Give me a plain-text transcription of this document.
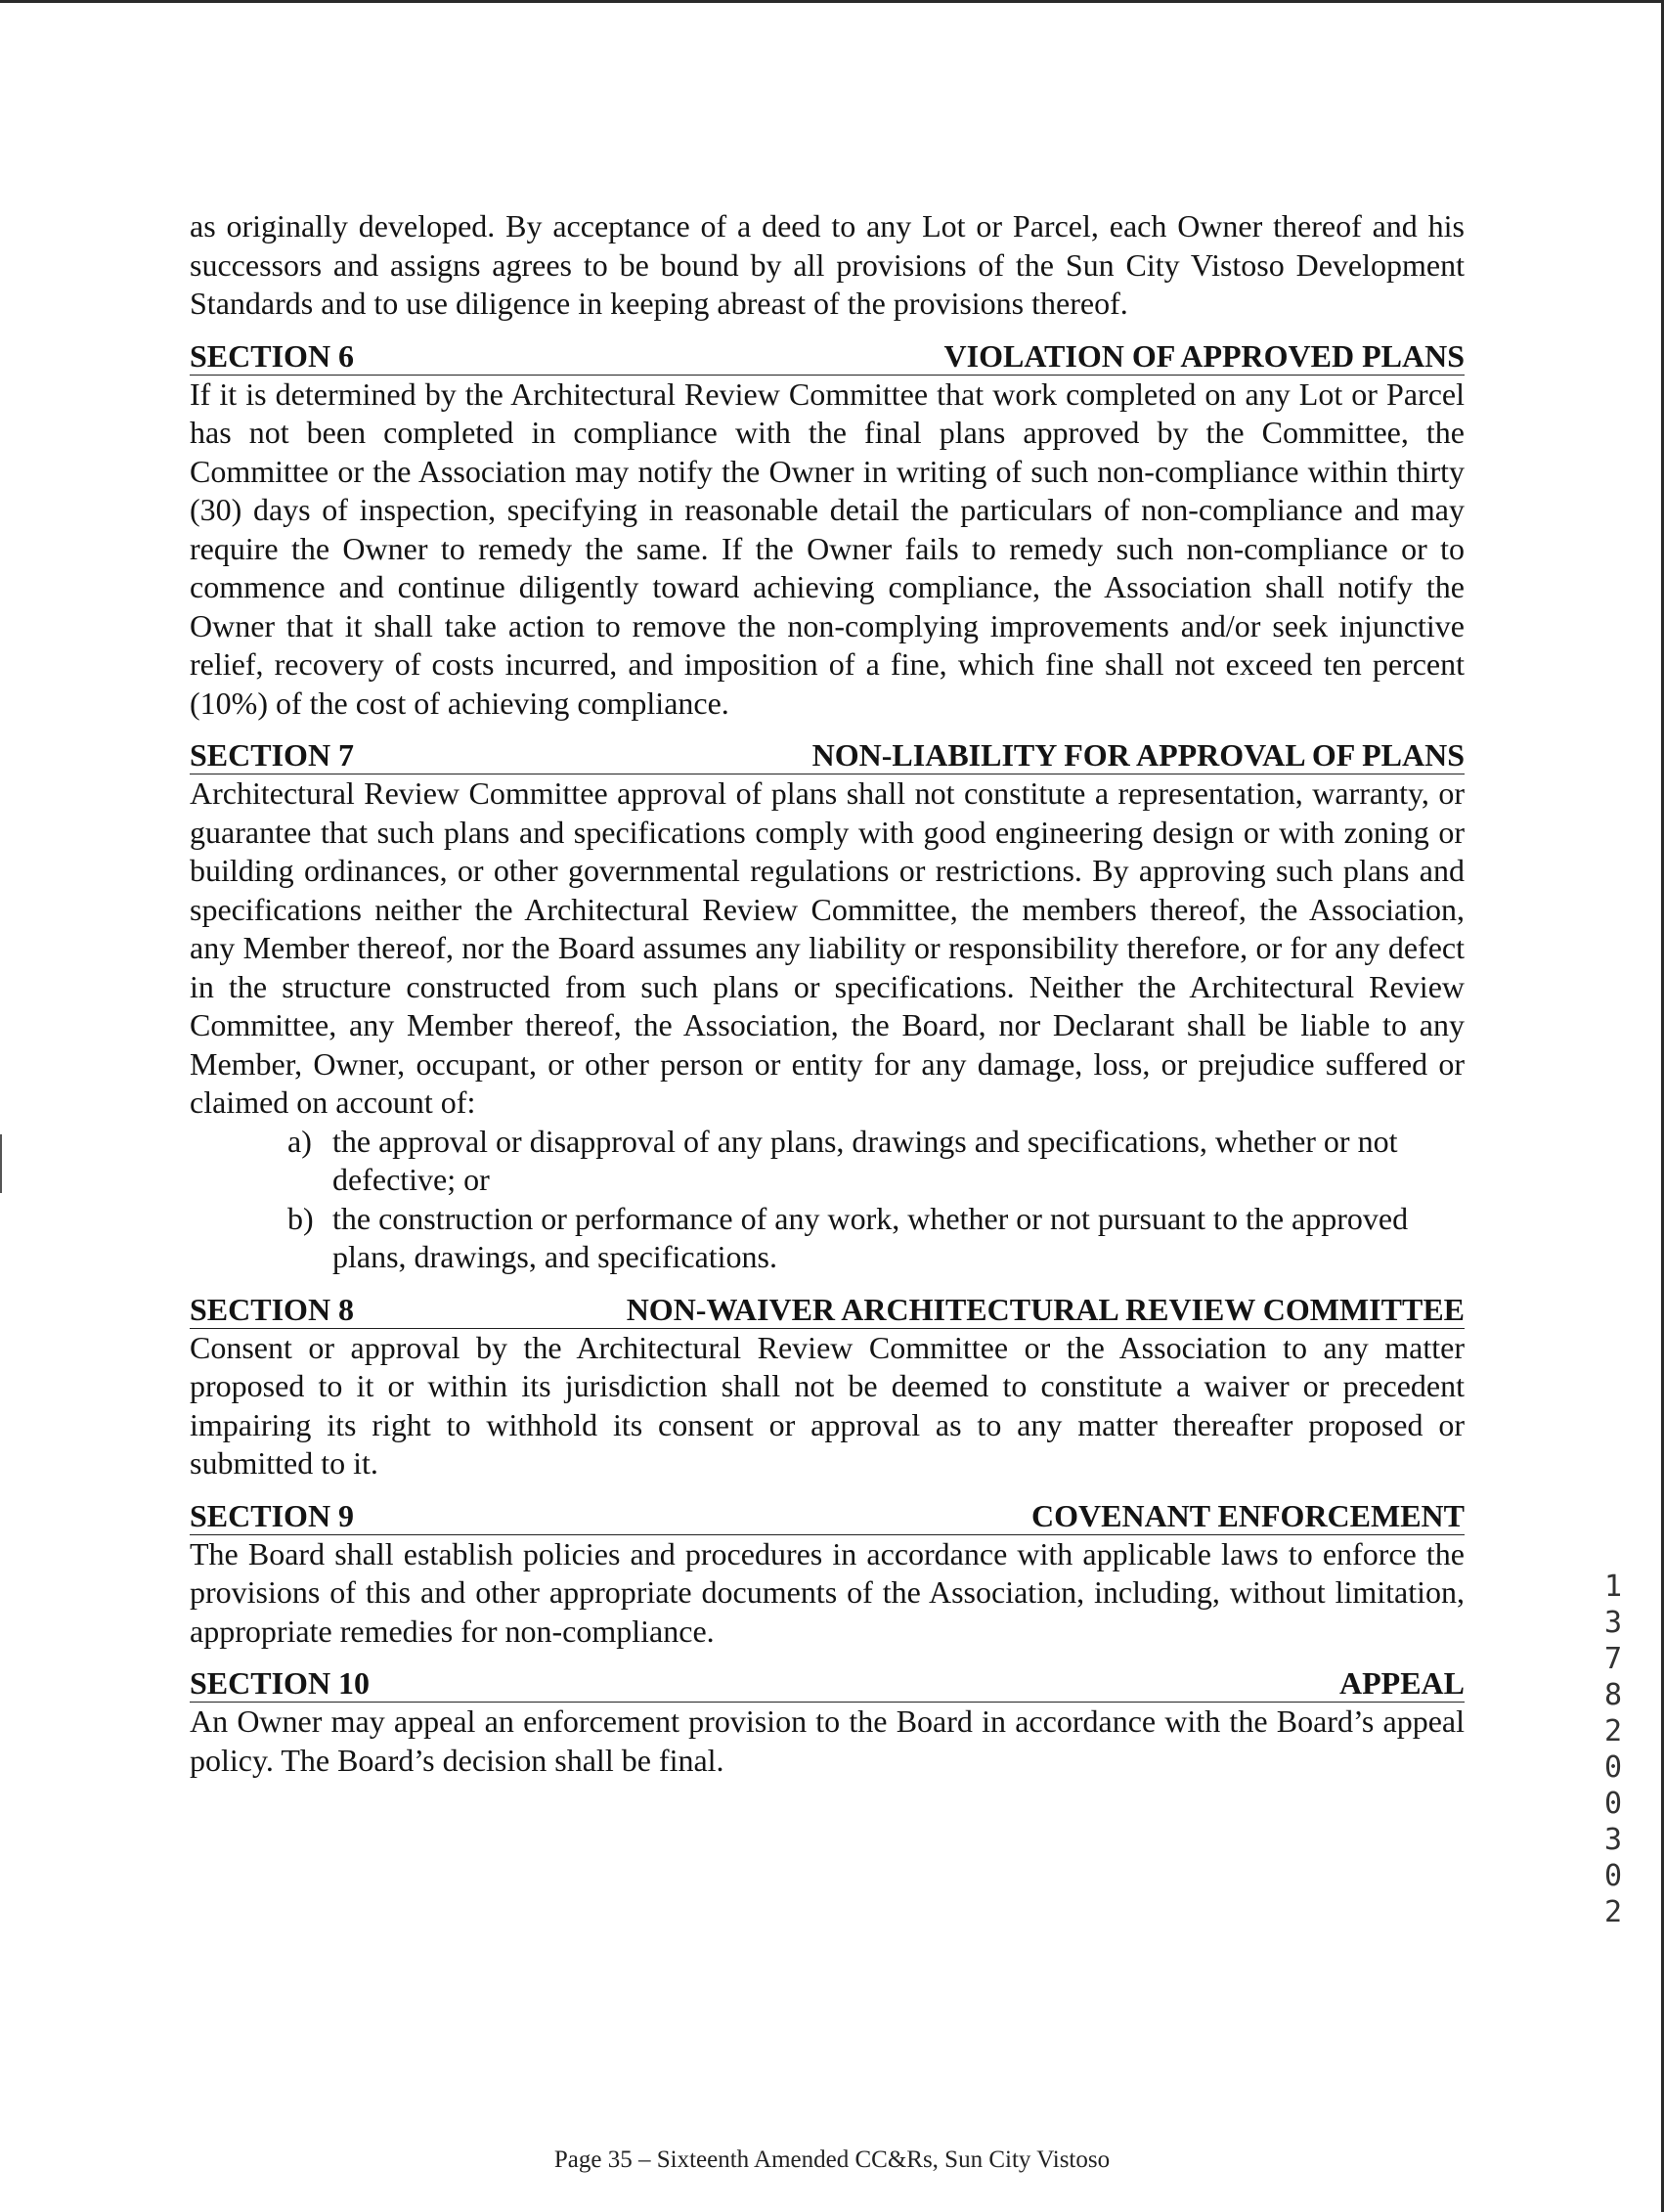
as originally developed. By acceptance of a deed to any Lot or Parcel, each Owner thereof and his successors and assigns agrees to be bound by all provisions of the Sun City Vistoso Development Standards and to use diligence in keeping abreast of the provisions thereof.

SECTION 6	VIOLATION OF APPROVED PLANS

If it is determined by the Architectural Review Committee that work completed on any Lot or Parcel has not been completed in compliance with the final plans approved by the Committee, the Committee or the Association may notify the Owner in writing of such non-compliance within thirty (30) days of inspection, specifying in reasonable detail the particulars of non-compliance and may require the Owner to remedy the same. If the Owner fails to remedy such non-compliance or to commence and continue diligently toward achieving compliance, the Association shall notify the Owner that it shall take action to remove the non-complying improvements and/or seek injunctive relief, recovery of costs incurred, and imposition of a fine, which fine shall not exceed ten percent (10%) of the cost of achieving compliance.

SECTION 7	NON-LIABILITY FOR APPROVAL OF PLANS

Architectural Review Committee approval of plans shall not constitute a representation, warranty, or guarantee that such plans and specifications comply with good engineering design or with zoning or building ordinances, or other governmental regulations or restrictions. By approving such plans and specifications neither the Architectural Review Committee, the members thereof, the Association, any Member thereof, nor the Board assumes any liability or responsibility therefore, or for any defect in the structure constructed from such plans or specifications. Neither the Architectural Review Committee, any Member thereof, the Association, the Board, nor Declarant shall be liable to any Member, Owner, occupant, or other person or entity for any damage, loss, or prejudice suffered or claimed on account of:

a) the approval or disapproval of any plans, drawings and specifications, whether or not defective; or
b) the construction or performance of any work, whether or not pursuant to the approved plans, drawings, and specifications.
SECTION 8	NON-WAIVER ARCHITECTURAL REVIEW COMMITTEE

Consent or approval by the Architectural Review Committee or the Association to any matter proposed to it or within its jurisdiction shall not be deemed to constitute a waiver or precedent impairing its right to withhold its consent or approval as to any matter thereafter proposed or submitted to it.

SECTION 9	COVENANT ENFORCEMENT

The Board shall establish policies and procedures in accordance with applicable laws to enforce the provisions of this and other appropriate documents of the Association, including, without limitation, appropriate remedies for non-compliance.

SECTION 10	APPEAL

An Owner may appeal an enforcement provision to the Board in accordance with the Board’s appeal policy. The Board’s decision shall be final.

1
3
7
8
2
0
0
3
0
2
Page 35 – Sixteenth Amended CC&Rs, Sun City Vistoso
